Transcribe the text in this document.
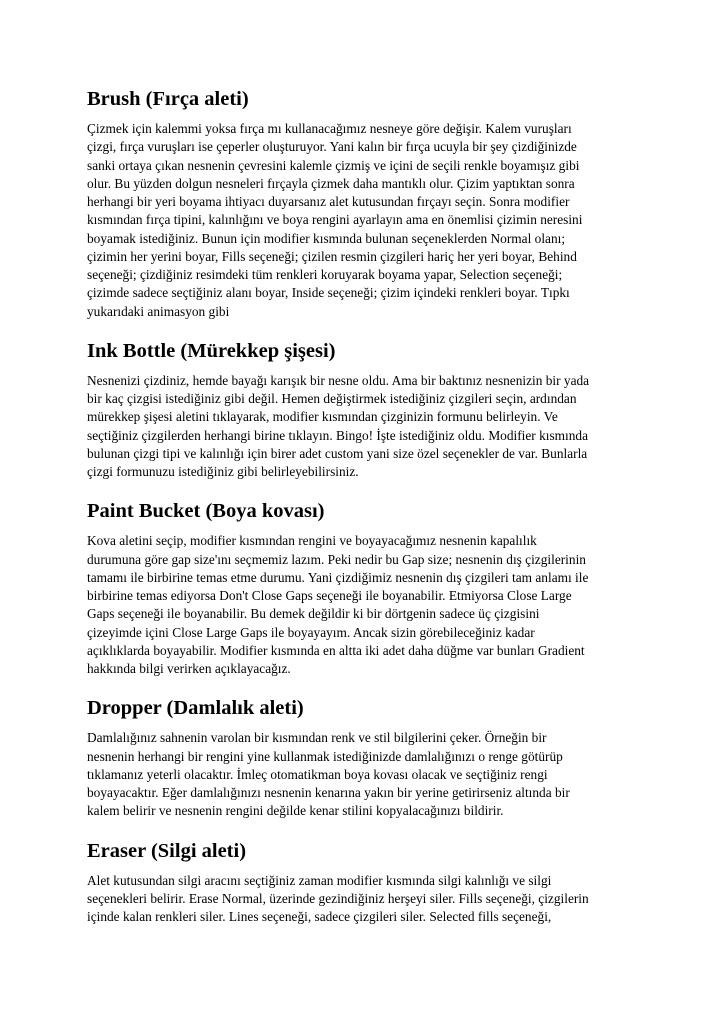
Brush (Fırça aleti)
Çizmek için kalemmi yoksa fırça mı kullanacağımız nesneye göre değişir. Kalem vuruşları
çizgi, fırça vuruşları ise çeperler oluşturuyor. Yani kalın bir fırça ucuyla bir şey çizdiğinizde
sanki ortaya çıkan nesnenin çevresini kalemle çizmiş ve içini de seçili renkle boyamışız gibi
olur. Bu yüzden dolgun nesneleri fırçayla çizmek daha mantıklı olur. Çizim yaptıktan sonra
herhangi bir yeri boyama ihtiyacı duyarsanız alet kutusundan fırçayı seçin. Sonra modifier
kısmından fırça tipini, kalınlığını ve boya rengini ayarlayın ama en önemlisi çizimin neresini
boyamak istediğiniz. Bunun için modifier kısmında bulunan seçeneklerden Normal olanı;
çizimin her yerini boyar, Fills seçeneği; çizilen resmin çizgileri hariç her yeri boyar, Behind
seçeneği; çizdiğiniz resimdeki tüm renkleri koruyarak boyama yapar, Selection seçeneği;
çizimde sadece seçtiğiniz alanı boyar, Inside seçeneği; çizim içindeki renkleri boyar. Tıpkı
yukarıdaki animasyon gibi
Ink Bottle (Mürekkep şişesi)
Nesnenizi çizdiniz, hemde bayağı karışık bir nesne oldu. Ama bir baktınız nesnenizin bir yada
bir kaç çizgisi istediğiniz gibi değil. Hemen değiştirmek istediğiniz çizgileri seçin, ardından
mürekkep şişesi aletini tıklayarak, modifier kısmından çizginizin formunu belirleyin. Ve
seçtiğiniz çizgilerden herhangi birine tıklayın. Bingo! İşte istediğiniz oldu. Modifier kısmında
bulunan çizgi tipi ve kalınlığı için birer adet custom yani size özel seçenekler de var. Bunlarla
çizgi formunuzu istediğiniz gibi belirleyebilirsiniz.
Paint Bucket (Boya kovası)
Kova aletini seçip, modifier kısmından rengini ve boyayacağımız nesnenin kapalılık
durumuna göre gap size'ını seçmemiz lazım. Peki nedir bu Gap size; nesnenin dış çizgilerinin
tamamı ile birbirine temas etme durumu. Yani çizdiğimiz nesnenin dış çizgileri tam anlamı ile
birbirine temas ediyorsa Don't Close Gaps seçeneği ile boyanabilir. Etmiyorsa Close Large
Gaps seçeneği ile boyanabilir. Bu demek değildir ki bir dörtgenin sadece üç çizgisini
çizeyimde içini Close Large Gaps ile boyayayım. Ancak sizin görebileceğiniz kadar
açıklıklarda boyayabilir. Modifier kısmında en altta iki adet daha düğme var bunları Gradient
hakkında bilgi verirken açıklayacağız.
Dropper (Damlalık aleti)
Damlalığınız sahnenin varolan bir kısmından renk ve stil bilgilerini çeker. Örneğin bir
nesnenin herhangi bir rengini yine kullanmak istediğinizde damlalığınızı o renge götürüp
tıklamanız yeterli olacaktır. İmleç otomatikman boya kovası olacak ve seçtiğiniz rengi
boyayacaktır. Eğer damlalığınızı nesnenin kenarına yakın bir yerine getirirseniz altında bir
kalem belirir ve nesnenin rengini değilde kenar stilini kopyalacağınızı bildirir.
Eraser (Silgi aleti)
Alet kutusundan silgi aracını seçtiğiniz zaman modifier kısmında silgi kalınlığı ve silgi
seçenekleri belirir. Erase Normal, üzerinde gezindiğiniz herşeyi siler. Fills seçeneği, çizgilerin
içinde kalan renkleri siler. Lines seçeneği, sadece çizgileri siler. Selected fills seçeneği,
